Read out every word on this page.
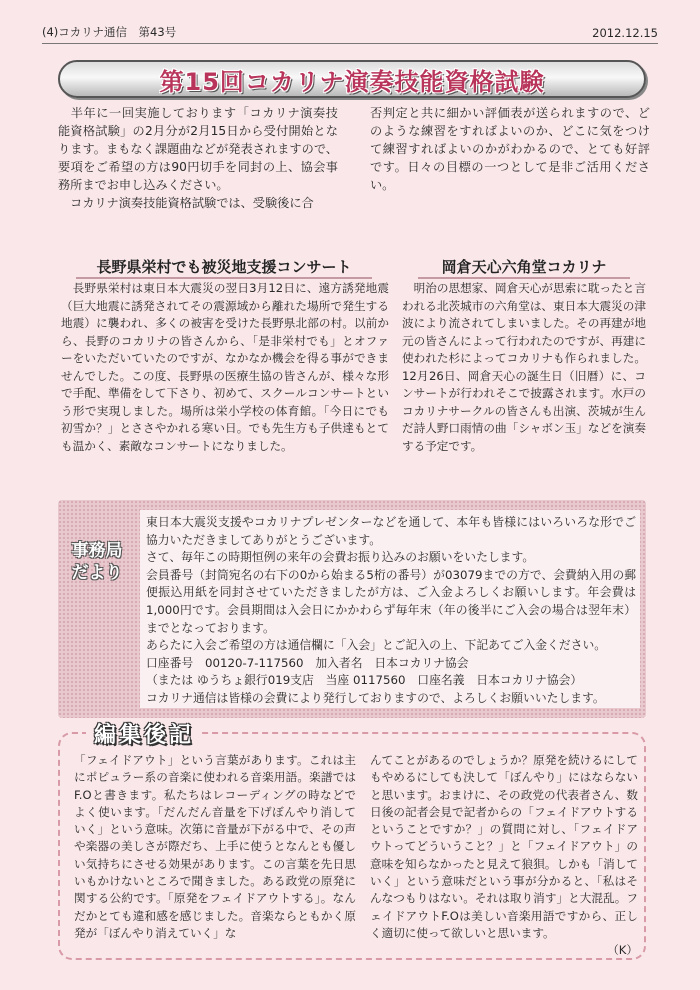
(4)コカリナ通信　第43号	2012.12.15
第15回コカリナ演奏技能資格試験
　半年に一回実施しております「コカリナ演奏技能資格試験」の2月分が2月15日から受付開始となります。まもなく課題曲などが発表されますので、要項をご希望の方は90円切手を同封の上、協会事務所までお申し込みください。
　コカリナ演奏技能資格試験では、受験後に合
否判定と共に細かい評価表が送られますので、どのような練習をすればよいのか、どこに気をつけて練習すればよいのかがわかるので、とても好評です。日々の目標の一つとして是非ご活用ください。
長野県栄村でも被災地支援コンサート
　長野県栄村は東日本大震災の翌日3月12日に、遠方誘発地震（巨大地震に誘発されてその震源域から離れた場所で発生する地震）に襲われ、多くの被害を受けた長野県北部の村。以前から、長野のコカリナの皆さんから、「是非栄村でも」とオファーをいただいていたのですが、なかなか機会を得る事ができませんでした。この度、長野県の医療生協の皆さんが、様々な形で手配、準備をして下さり、初めて、スクールコンサートという形で実現しました。場所は栄小学校の体育館。「今日にでも初雪か？」とささやかれる寒い日。でも先生方も子供達もとても温かく、素敵なコンサートになりました。
岡倉天心六角堂コカリナ
　明治の思想家、岡倉天心が思索に耽ったと言われる北茨城市の六角堂は、東日本大震災の津波により流されてしまいました。その再建が地元の皆さんによって行われたのですが、再建に使われた杉によってコカリナも作られました。12月26日、岡倉天心の誕生日（旧暦）に、コンサートが行われそこで披露されます。水戸のコカリナサークルの皆さんも出演、茨城が生んだ詩人野口雨情の曲「シャボン玉」などを演奏する予定です。
事務局
だより

東日本大震災支援やコカリナプレゼンターなどを通して、本年も皆様にはいろいろな形でご協力いただきましてありがとうございます。

さて、毎年この時期恒例の来年の会費お振り込みのお願いをいたします。

会員番号（封筒宛名の右下の0から始まる5桁の番号）が03079までの方で、会費納入用の郵便振込用紙を同封させていただきましたが方は、ご入金よろしくお願いします。年会費は1,000円です。会員期間は入会日にかかわらず毎年末（年の後半にご入会の場合は翌年末）までとなっております。

あらたに入会ご希望の方は通信欄に「入会」とご記入の上、下記あてご入金ください。

口座番号　00120-7-117560　加入者名　日本コカリナ協会

（または ゆうちょ銀行019支店　当座 0117560　口座名義　日本コカリナ協会）

コカリナ通信は皆様の会費により発行しておりますので、よろしくお願いいたします。

編集後記
「フェイドアウト」という言葉があります。これは主にポピュラー系の音楽に使われる音楽用語。楽譜ではF.Oと書きます。私たちはレコーディングの時などでよく使います。「だんだん音量を下げぼんやり消していく」という意味。次第に音量が下がる中で、その声や楽器の美しさが際だち、上手に使うとなんとも優しい気持ちにさせる効果があります。この言葉を先日思いもかけないところで聞きました。ある政党の原発に関する公約です。「原発をフェイドアウトする」。なんだかとても違和感を感じました。音楽ならともかく原発が「ぼんやり消えていく」な
んてことがあるのでしょうか？原発を続けるにしてもやめるにしても決して「ぼんやり」にはならないと思います。おまけに、その政党の代表者さん、数日後の記者会見で記者からの「フェイドアウトするということですか？」の質問に対し、「フェイドアウトってどういうこと？」と「フェイドアウト」の意味を知らなかったと見えて狼狽。しかも「消していく」という意味だという事が分かると、「私はそんなつもりはない。それは取り消す」と大混乱。フェイドアウトF.Oは美しい音楽用語ですから、正しく適切に使って欲しいと思います。
（K）
